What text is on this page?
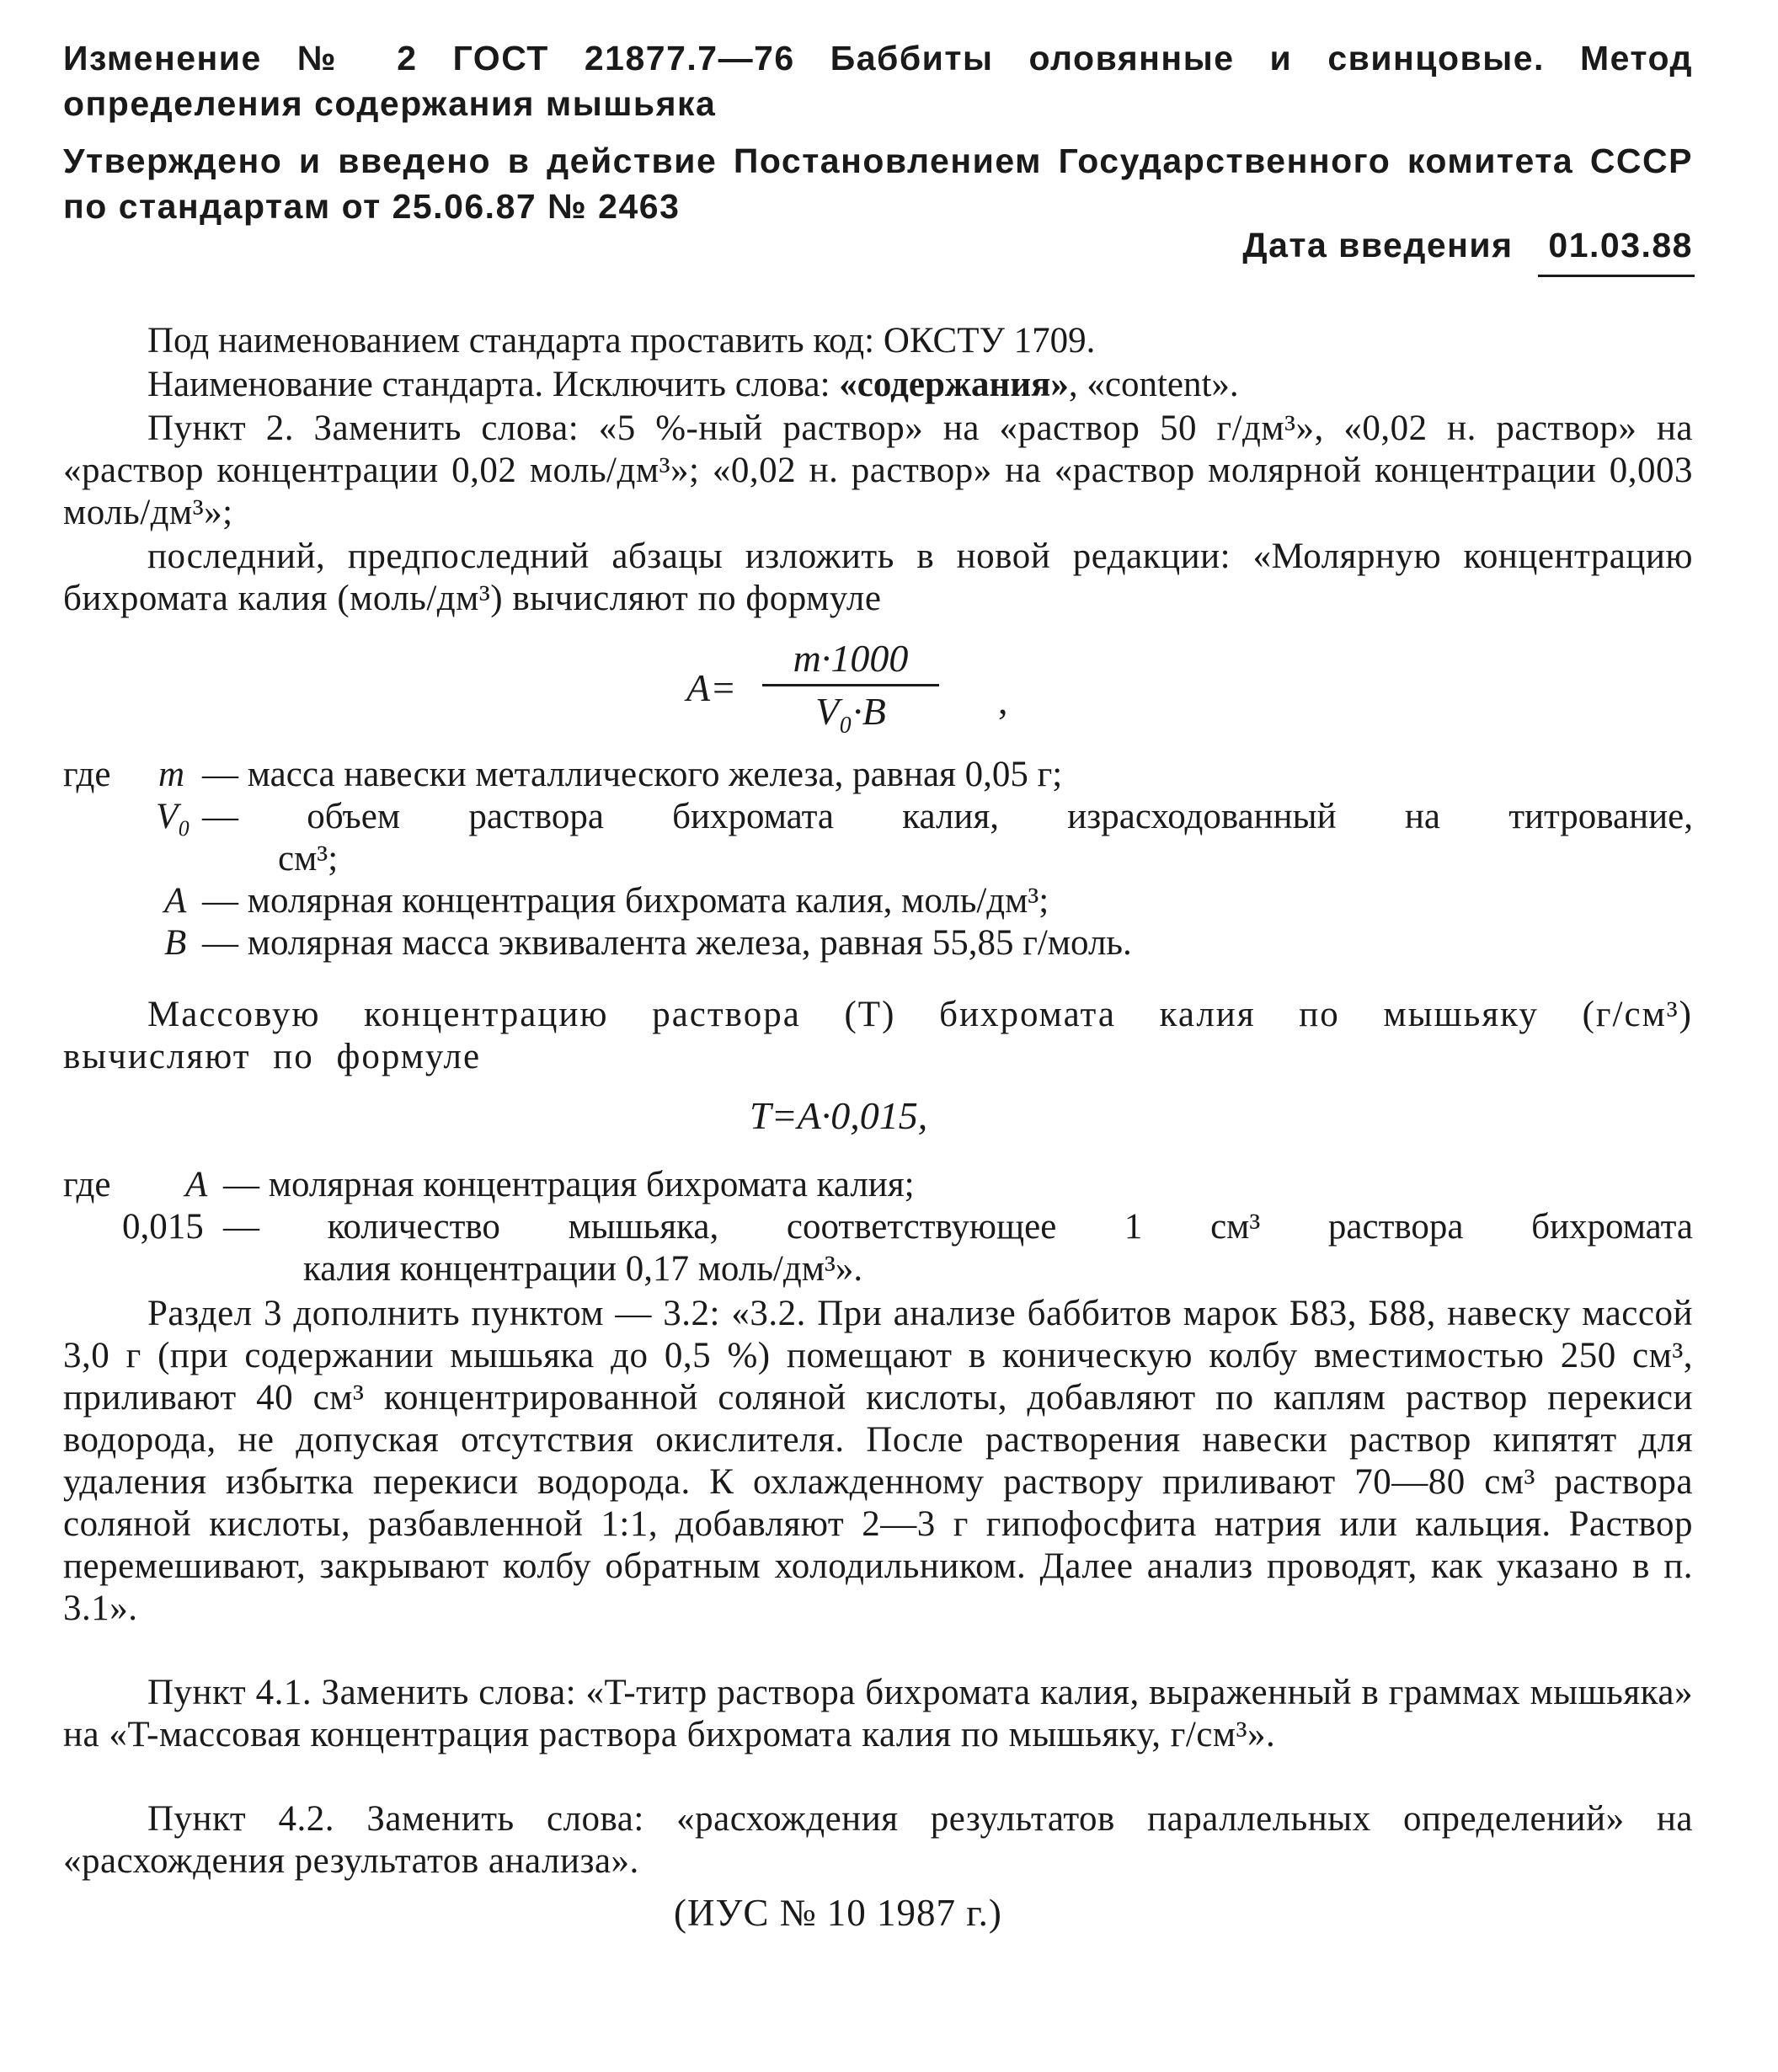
Изменение № 2 ГОСТ 21877.7—76 Баббиты оловянные и свинцовые. Метод определения содержания мышьяка
Утверждено и введено в действие Постановлением Государственного комитета СССР по стандартам от 25.06.87 № 2463
Дата введения 01.03.88
Под наименованием стандарта проставить код: ОКСТУ 1709.
Наименование стандарта. Исключить слова: «содержания», «content».
Пункт 2. Заменить слова: «5 %-ный раствор» на «раствор 50 г/дм³», «0,02 н. раствор» на «раствор концентрации 0,02 моль/дм³»; «0,02 н. раствор» на «раствор молярной концентрации 0,003 моль/дм³»;
последний, предпоследний абзацы изложить в новой редакции: «Молярную концентрацию бихромата калия (моль/дм³) вычисляют по формуле
A=
m·1000
V₀·B	,
где m — масса навески металлического железа, равная 0,05 г;
V₀ — объем раствора бихромата калия, израсходованный на титрование,
см³;
A — молярная концентрация бихромата калия, моль/дм³;
B — молярная масса эквивалента железа, равная 55,85 г/моль.
Массовую концентрацию раствора (T) бихромата калия по мышьяку (г/см³) вычисляют по формуле
T=A·0,015,
где A — молярная концентрация бихромата калия;
0,015 — количество мышьяка, соответствующее 1 см³ раствора бихромата
калия концентрации 0,17 моль/дм³».
Раздел 3 дополнить пунктом — 3.2: «3.2. При анализе баббитов марок Б83, Б88, навеску массой 3,0 г (при содержании мышьяка до 0,5 %) помещают в коническую колбу вместимостью 250 см³, приливают 40 см³ концентрированной соляной кислоты, добавляют по каплям раствор перекиси водорода, не допуская отсутствия окислителя. После растворения навески раствор кипятят для удаления избытка перекиси водорода. К охлажденному раствору приливают 70—80 см³ раствора соляной кислоты, разбавленной 1:1, добавляют 2—3 г гипофосфита натрия или кальция. Раствор перемешивают, закрывают колбу обратным холодильником. Далее анализ проводят, как указано в п. 3.1».
Пункт 4.1. Заменить слова: «T-титр раствора бихромата калия, выраженный в граммах мышьяка» на «T-массовая концентрация раствора бихромата калия по мышьяку, г/см³».
Пункт 4.2. Заменить слова: «расхождения результатов параллельных определений» на «расхождения результатов анализа».
(ИУС № 10 1987 г.)
